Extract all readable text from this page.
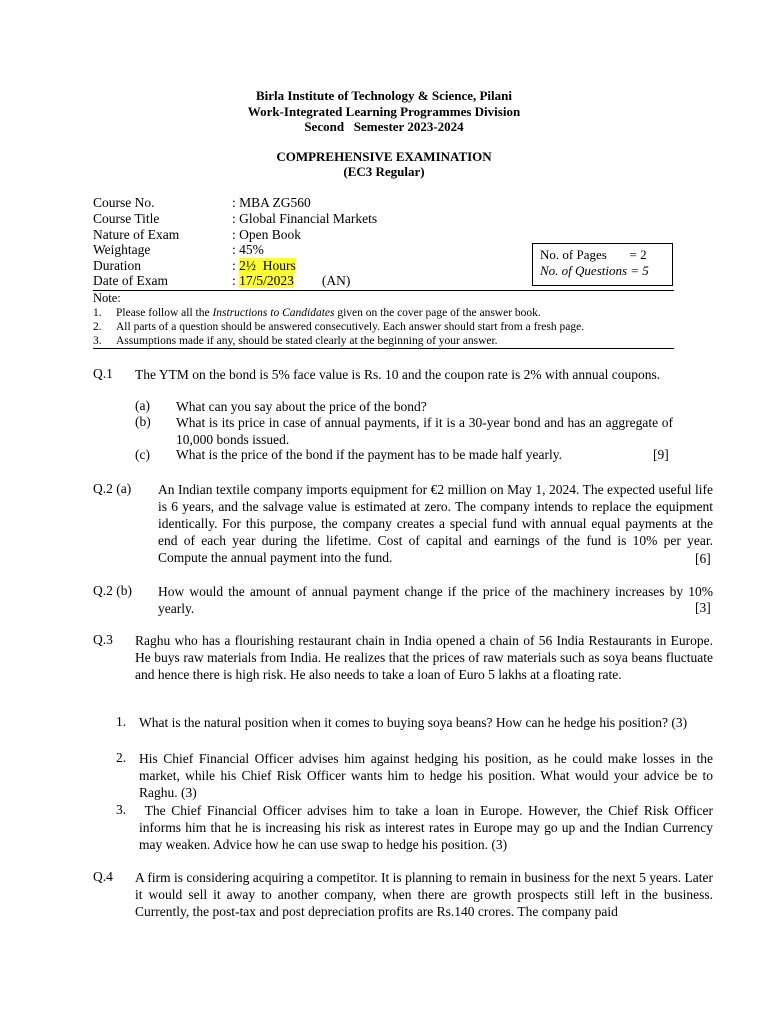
Birla Institute of Technology & Science, Pilani
Work-Integrated Learning Programmes Division
Second   Semester 2023-2024
COMPREHENSIVE EXAMINATION
(EC3 Regular)
Course No.	: MBA ZG560
Course Title	: Global Financial Markets
Nature of Exam	: Open Book
Weightage	: 45%
Duration	: 2½  Hours
Date of Exam	: 17/5/2023 (AN)
No. of Pages       = 2
No. of Questions = 5
Note:
1. Please follow all the Instructions to Candidates given on the cover page of the answer book.
2. All parts of a question should be answered consecutively. Each answer should start from a fresh page.
3. Assumptions made if any, should be stated clearly at the beginning of your answer.
Q.1 The YTM on the bond is 5% face value is Rs. 10 and the coupon rate is 2% with annual coupons.
(a) What can you say about the price of the bond?
(b) What is its price in case of annual payments, if it is a 30-year bond and has an aggregate of 10,000 bonds issued.
(c) What is the price of the bond if the payment has to be made half yearly.	[9]
Q.2 (a) An Indian textile company imports equipment for €2 million on May 1, 2024. The expected useful life is 6 years, and the salvage value is estimated at zero. The company intends to replace the equipment identically. For this purpose, the company creates a special fund with annual equal payments at the end of each year during the lifetime. Cost of capital and earnings of the fund is 10% per year. Compute the annual payment into the fund.	[6]
Q.2 (b) How would the amount of annual payment change if the price of the machinery increases by 10% yearly.	[3]
Q.3 Raghu who has a flourishing restaurant chain in India opened a chain of 56 India Restaurants in Europe. He buys raw materials from India. He realizes that the prices of raw materials such as soya beans fluctuate and hence there is high risk. He also needs to take a loan of Euro 5 lakhs at a floating rate.
1. What is the natural position when it comes to buying soya beans? How can he hedge his position? (3)
2. His Chief Financial Officer advises him against hedging his position, as he could make losses in the market, while his Chief Risk Officer wants him to hedge his position. What would your advice be to Raghu. (3)
3. The Chief Financial Officer advises him to take a loan in Europe. However, the Chief Risk Officer informs him that he is increasing his risk as interest rates in Europe may go up and the Indian Currency may weaken. Advice how he can use swap to hedge his position. (3)
Q.4 A firm is considering acquiring a competitor. It is planning to remain in business for the next 5 years. Later it would sell it away to another company, when there are growth prospects still left in the business. Currently, the post-tax and post depreciation profits are Rs.140 crores. The company paid
